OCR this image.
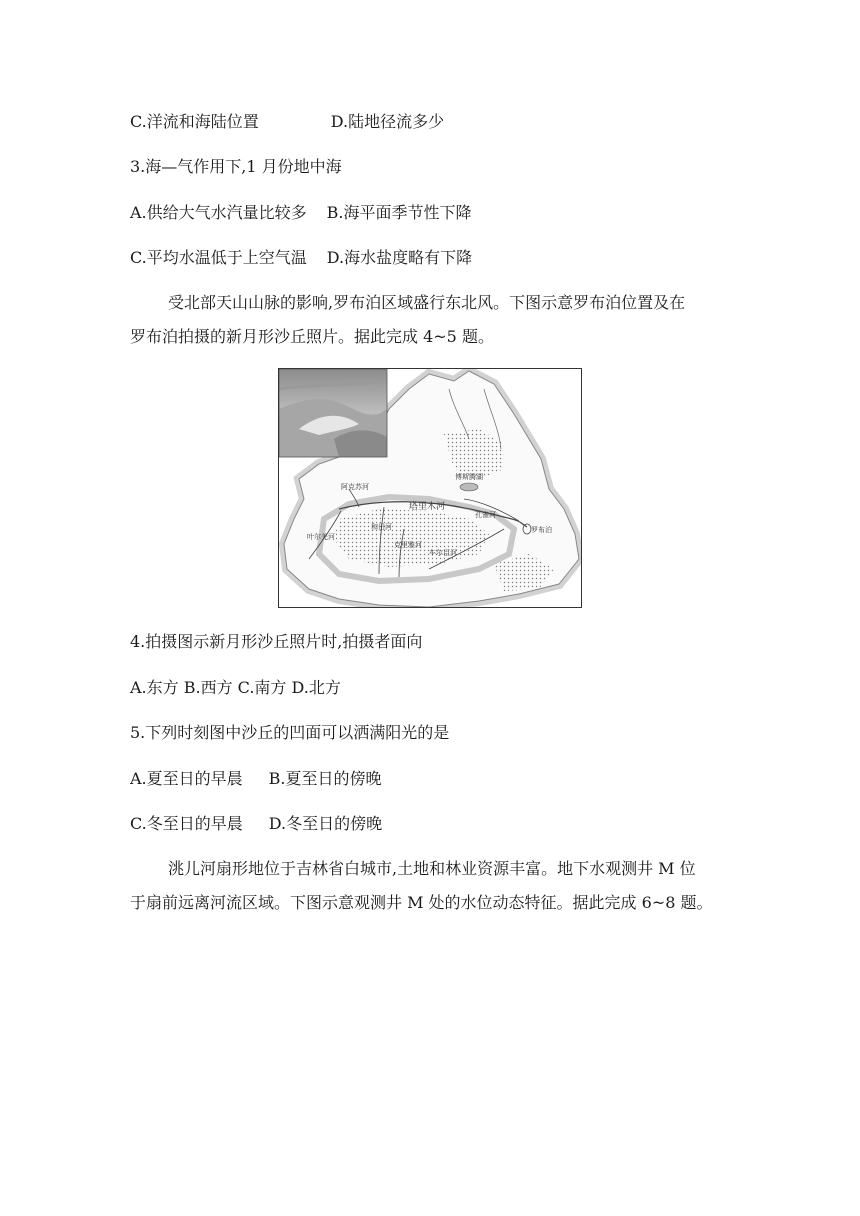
C.洋流和海陆位置	D.陆地径流多少
3.海—气作用下,1 月份地中海
A.供给大气水汽量比较多 B.海平面季节性下降
C.平均水温低于上空气温 D.海水盐度略有下降
受北部天山山脉的影响,罗布泊区域盛行东北风。下图示意罗布泊位置及在
罗布泊拍摄的新月形沙丘照片。据此完成 4~5 题。
阿克苏河
博斯腾湖
塔里木河
孔雀河
罗布泊
叶尔羌河
和田河
车尔臣河
克里雅河
4.拍摄图示新月形沙丘照片时,拍摄者面向
A.东方 B.西方 C.南方 D.北方
5.下列时刻图中沙丘的凹面可以洒满阳光的是
A.夏至日的早晨 B.夏至日的傍晚
C.冬至日的早晨 D.冬至日的傍晚
洮儿河扇形地位于吉林省白城市,土地和林业资源丰富。地下水观测井 M 位
于扇前远离河流区域。下图示意观测井 M 处的水位动态特征。据此完成 6~8 题。
